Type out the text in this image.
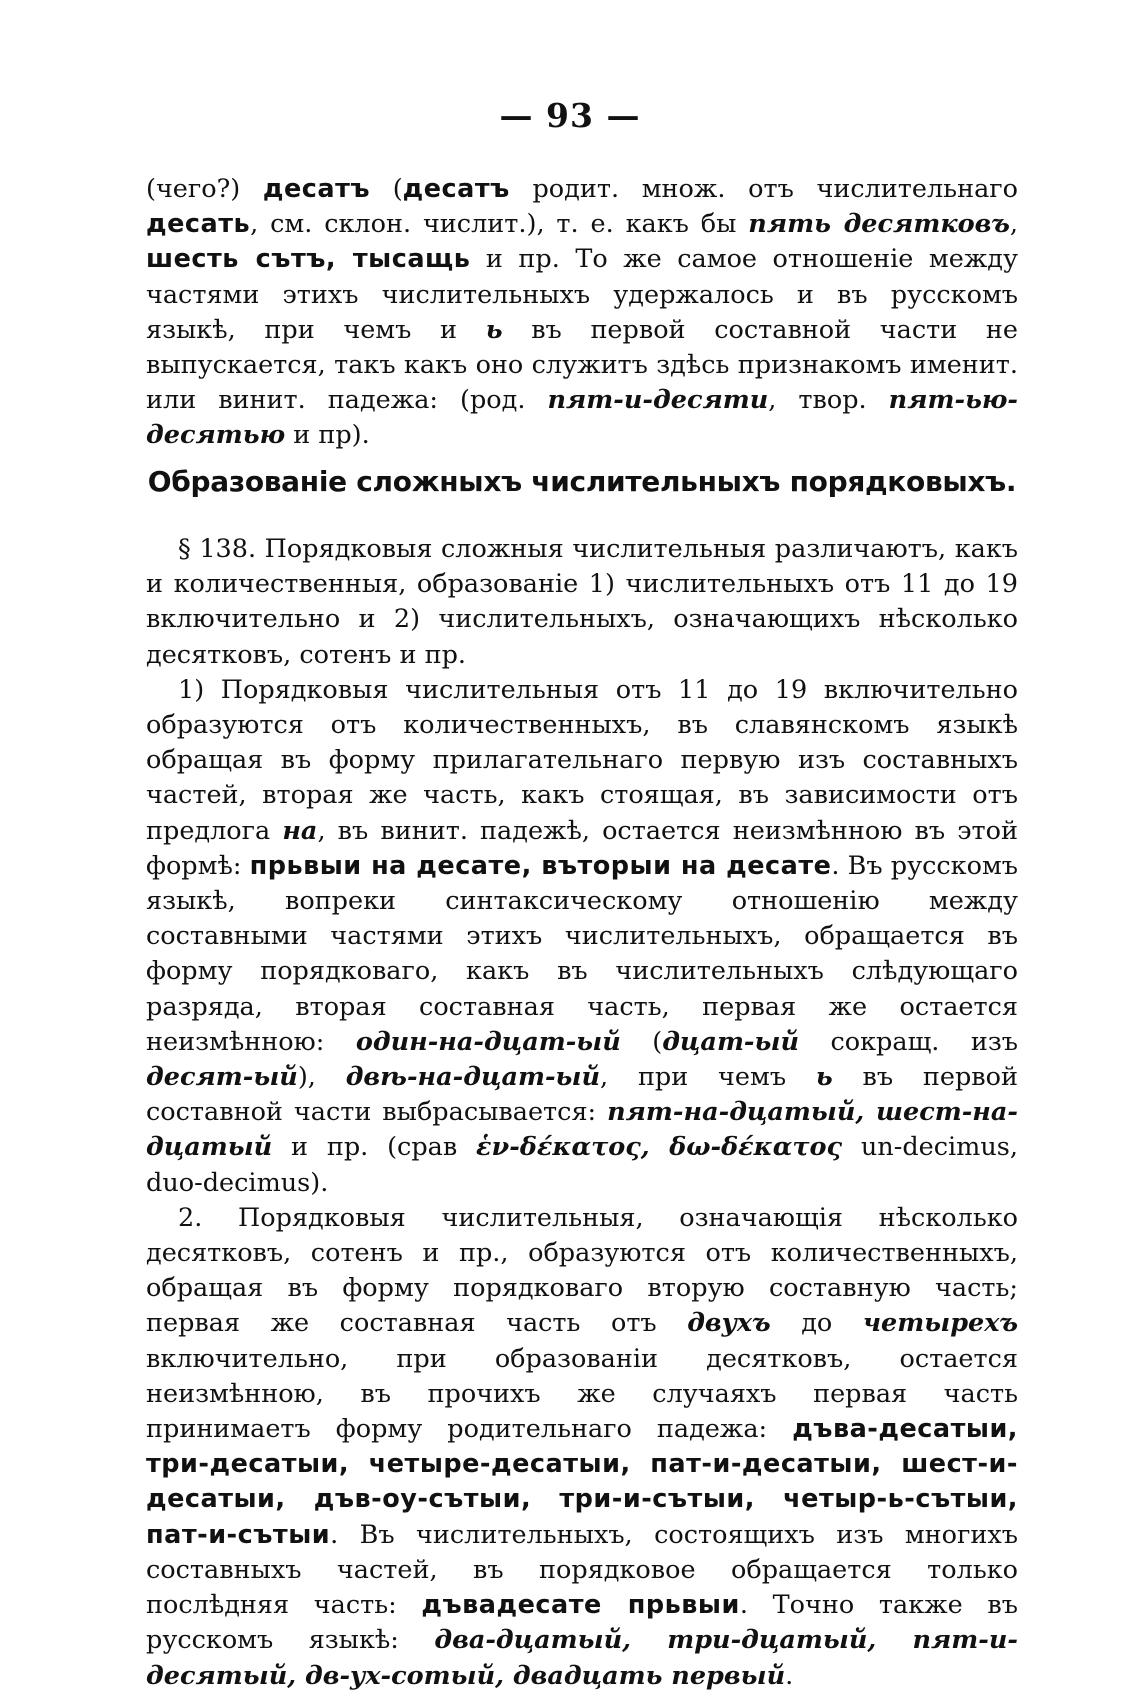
— 93 —

(чего?) десатъ (десатъ родит. множ. отъ числительнаго десать, см. склон. числит.), т. е. какъ бы пять десятковъ, шесть сътъ, тысащь и пр. То же самое отношеніе между частями этихъ числительныхъ удержалось и въ русскомъ языкѣ, при чемъ и ь въ первой составной части не выпускается, такъ какъ оно служитъ здѣсь признакомъ именит. или винит. падежа: (род. пят-и-десяти, твор. пят-ью-десятью и пр).

Образованіе сложныхъ числительныхъ порядковыхъ.

§ 138. Порядковыя сложныя числительныя различаютъ, какъ и количественныя, образованіе 1) числительныхъ отъ 11 до 19 включительно и 2) числительныхъ, означающихъ нѣсколько десятковъ, сотенъ и пр.

1) Порядковыя числительныя отъ 11 до 19 включительно образуются отъ количественныхъ, въ славянскомъ языкѣ обращая въ форму прилагательнаго первую изъ составныхъ частей, вторая же часть, какъ стоящая, въ зависимости отъ предлога на, въ винит. падежѣ, остается неизмѣнною въ этой формѣ: прьвыи на десате, въторыи на десате. Въ русскомъ языкѣ, вопреки синтаксическому отношенію между составными частями этихъ числительныхъ, обращается въ форму порядковаго, какъ въ числительныхъ слѣдующаго разряда, вторая составная часть, первая же остается неизмѣнною: один-на-дцат-ый (дцат-ый сокращ. изъ десят-ый), двѣ-на-дцат-ый, при чемъ ь въ первой составной части выбрасывается: пят-на-дцатый, шест-на-дцатый и пр. (срав ἑν-δέκατος, δω-δέκατος un-decimus, duo-decimus).

2. Порядковыя числительныя, означающія нѣсколько десятковъ, сотенъ и пр., образуются отъ количественныхъ, обращая въ форму порядковаго вторую составную часть; первая же составная часть отъ двухъ до четырехъ включительно, при образованіи десятковъ, остается неизмѣнною, въ прочихъ же случаяхъ первая часть принимаетъ форму родительнаго падежа: дъва-десатыи, три-десатыи, четыре-десатыи, пат-и-десатыи, шест-и-десатыи, дъв-оу-сътыи, три-и-сътыи, четыр-ь-сътыи, пат-и-сътыи. Въ числительныхъ, состоящихъ изъ многихъ составныхъ частей, въ порядковое обращается только послѣдняя часть: дъвадесате прьвыи. Точно также въ русскомъ языкѣ: два-дцатый, три-дцатый, пят-и-десятый, дв-ух-сотый, двадцать первый.
